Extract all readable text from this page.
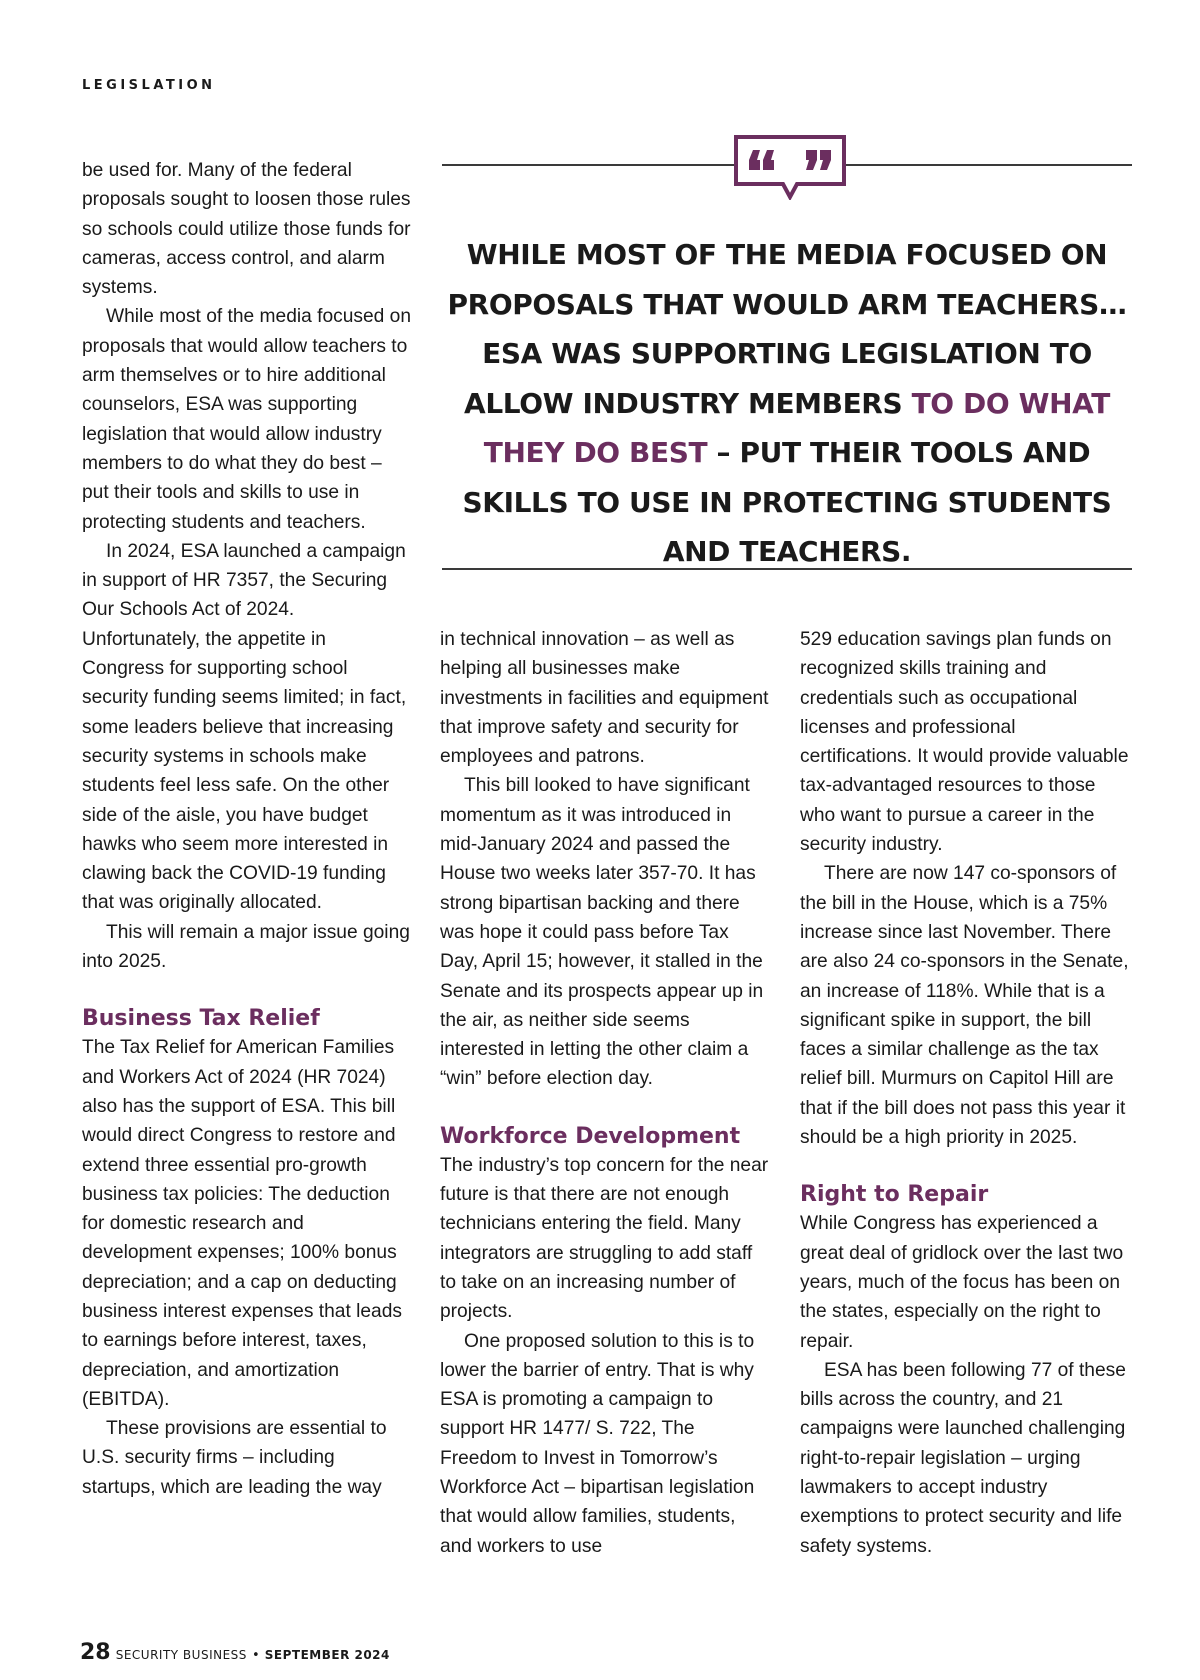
LEGISLATION
WHILE MOST OF THE MEDIA FOCUSED ON PROPOSALS THAT WOULD ARM TEACHERS… ESA WAS SUPPORTING LEGISLATION TO ALLOW INDUSTRY MEMBERS TO DO WHAT THEY DO BEST – PUT THEIR TOOLS AND SKILLS TO USE IN PROTECTING STUDENTS AND TEACHERS.

be used for. Many of the federal proposals sought to loosen those rules so schools could utilize those funds for cameras, access control, and alarm systems.

While most of the media focused on proposals that would allow teachers to arm themselves or to hire additional counselors, ESA was supporting legislation that would allow industry members to do what they do best – put their tools and skills to use in protecting students and teachers.

In 2024, ESA launched a campaign in support of HR 7357, the Securing Our Schools Act of 2024. Unfortunately, the appetite in Congress for supporting school security funding seems limited; in fact, some leaders believe that increasing security systems in schools make students feel less safe. On the other side of the aisle, you have budget hawks who seem more interested in clawing back the COVID-19 funding that was originally allocated.

This will remain a major issue going into 2025.

Business Tax Relief

The Tax Relief for American Families and Workers Act of 2024 (HR 7024) also has the support of ESA. This bill would direct Congress to restore and extend three essential pro-growth business tax policies: The deduction for domestic research and development expenses; 100% bonus depreciation; and a cap on deducting business interest expenses that leads to earnings before interest, taxes, depreciation, and amortization (EBITDA).

These provisions are essential to U.S. security firms – including startups, which are leading the way

in technical innovation – as well as helping all businesses make investments in facilities and equipment that improve safety and security for employees and patrons.

This bill looked to have significant momentum as it was introduced in mid-January 2024 and passed the House two weeks later 357-70. It has strong bipartisan backing and there was hope it could pass before Tax Day, April 15; however, it stalled in the Senate and its prospects appear up in the air, as neither side seems interested in letting the other claim a “win” before election day.

Workforce Development

The industry’s top concern for the near future is that there are not enough technicians entering the field. Many integrators are struggling to add staff to take on an increasing number of projects.

One proposed solution to this is to lower the barrier of entry. That is why ESA is promoting a campaign to support HR 1477/ S. 722, The Freedom to Invest in Tomorrow’s Workforce Act – bipartisan legislation that would allow families, students, and workers to use

529 education savings plan funds on recognized skills training and credentials such as occupational licenses and professional certifications. It would provide valuable tax-advantaged resources to those who want to pursue a career in the security industry.

There are now 147 co-sponsors of the bill in the House, which is a 75% increase since last November. There are also 24 co-sponsors in the Senate, an increase of 118%. While that is a significant spike in support, the bill faces a similar challenge as the tax relief bill. Murmurs on Capitol Hill are that if the bill does not pass this year it should be a high priority in 2025.

Right to Repair

While Congress has experienced a great deal of gridlock over the last two years, much of the focus has been on the states, especially on the right to repair.

ESA has been following 77 of these bills across the country, and 21 campaigns were launched challenging right-to-repair legislation – urging lawmakers to accept industry exemptions to protect security and life safety systems.

28 SECURITY BUSINESS • SEPTEMBER 2024
